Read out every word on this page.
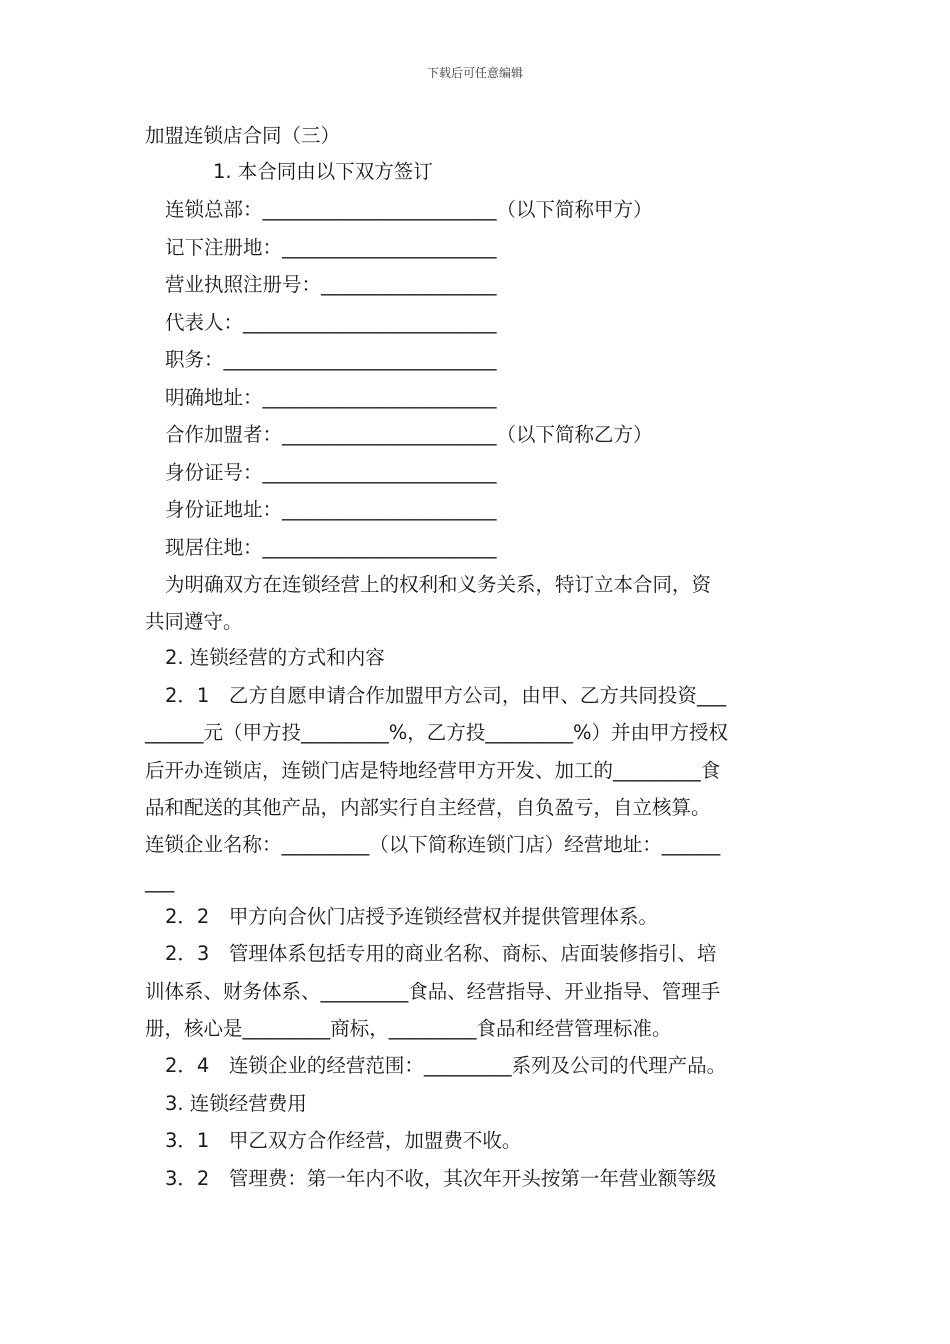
下载后可任意编辑
加盟连锁店合同（三）
1. 本合同由以下双方签订
连锁总部：________________________（以下简称甲方）
记下注册地：______________________
营业执照注册号：__________________
代表人：__________________________
职务：____________________________
明确地址：________________________
合作加盟者：______________________（以下简称乙方）
身份证号：________________________
身份证地址：______________________
现居住地：________________________
为明确双方在连锁经营上的权利和义务关系，特订立本合同，资
共同遵守。
2. 连锁经营的方式和内容
2．1　乙方自愿申请合作加盟甲方公司，由甲、乙方共同投资___
______元（甲方投_________%，乙方投_________%）并由甲方授权
后开办连锁店，连锁门店是特地经营甲方开发、加工的_________食
品和配送的其他产品，内部实行自主经营，自负盈亏，自立核算。
连锁企业名称：_________（以下简称连锁门店）经营地址：______
___
2．2　甲方向合伙门店授予连锁经营权并提供管理体系。
2．3　管理体系包括专用的商业名称、商标、店面装修指引、培
训体系、财务体系、_________食品、经营指导、开业指导、管理手
册，核心是_________商标，_________食品和经营管理标准。
2．4　连锁企业的经营范围：_________系列及公司的代理产品。
3. 连锁经营费用
3．1　甲乙双方合作经营，加盟费不收。
3．2　管理费：第一年内不收，其次年开头按第一年营业额等级
